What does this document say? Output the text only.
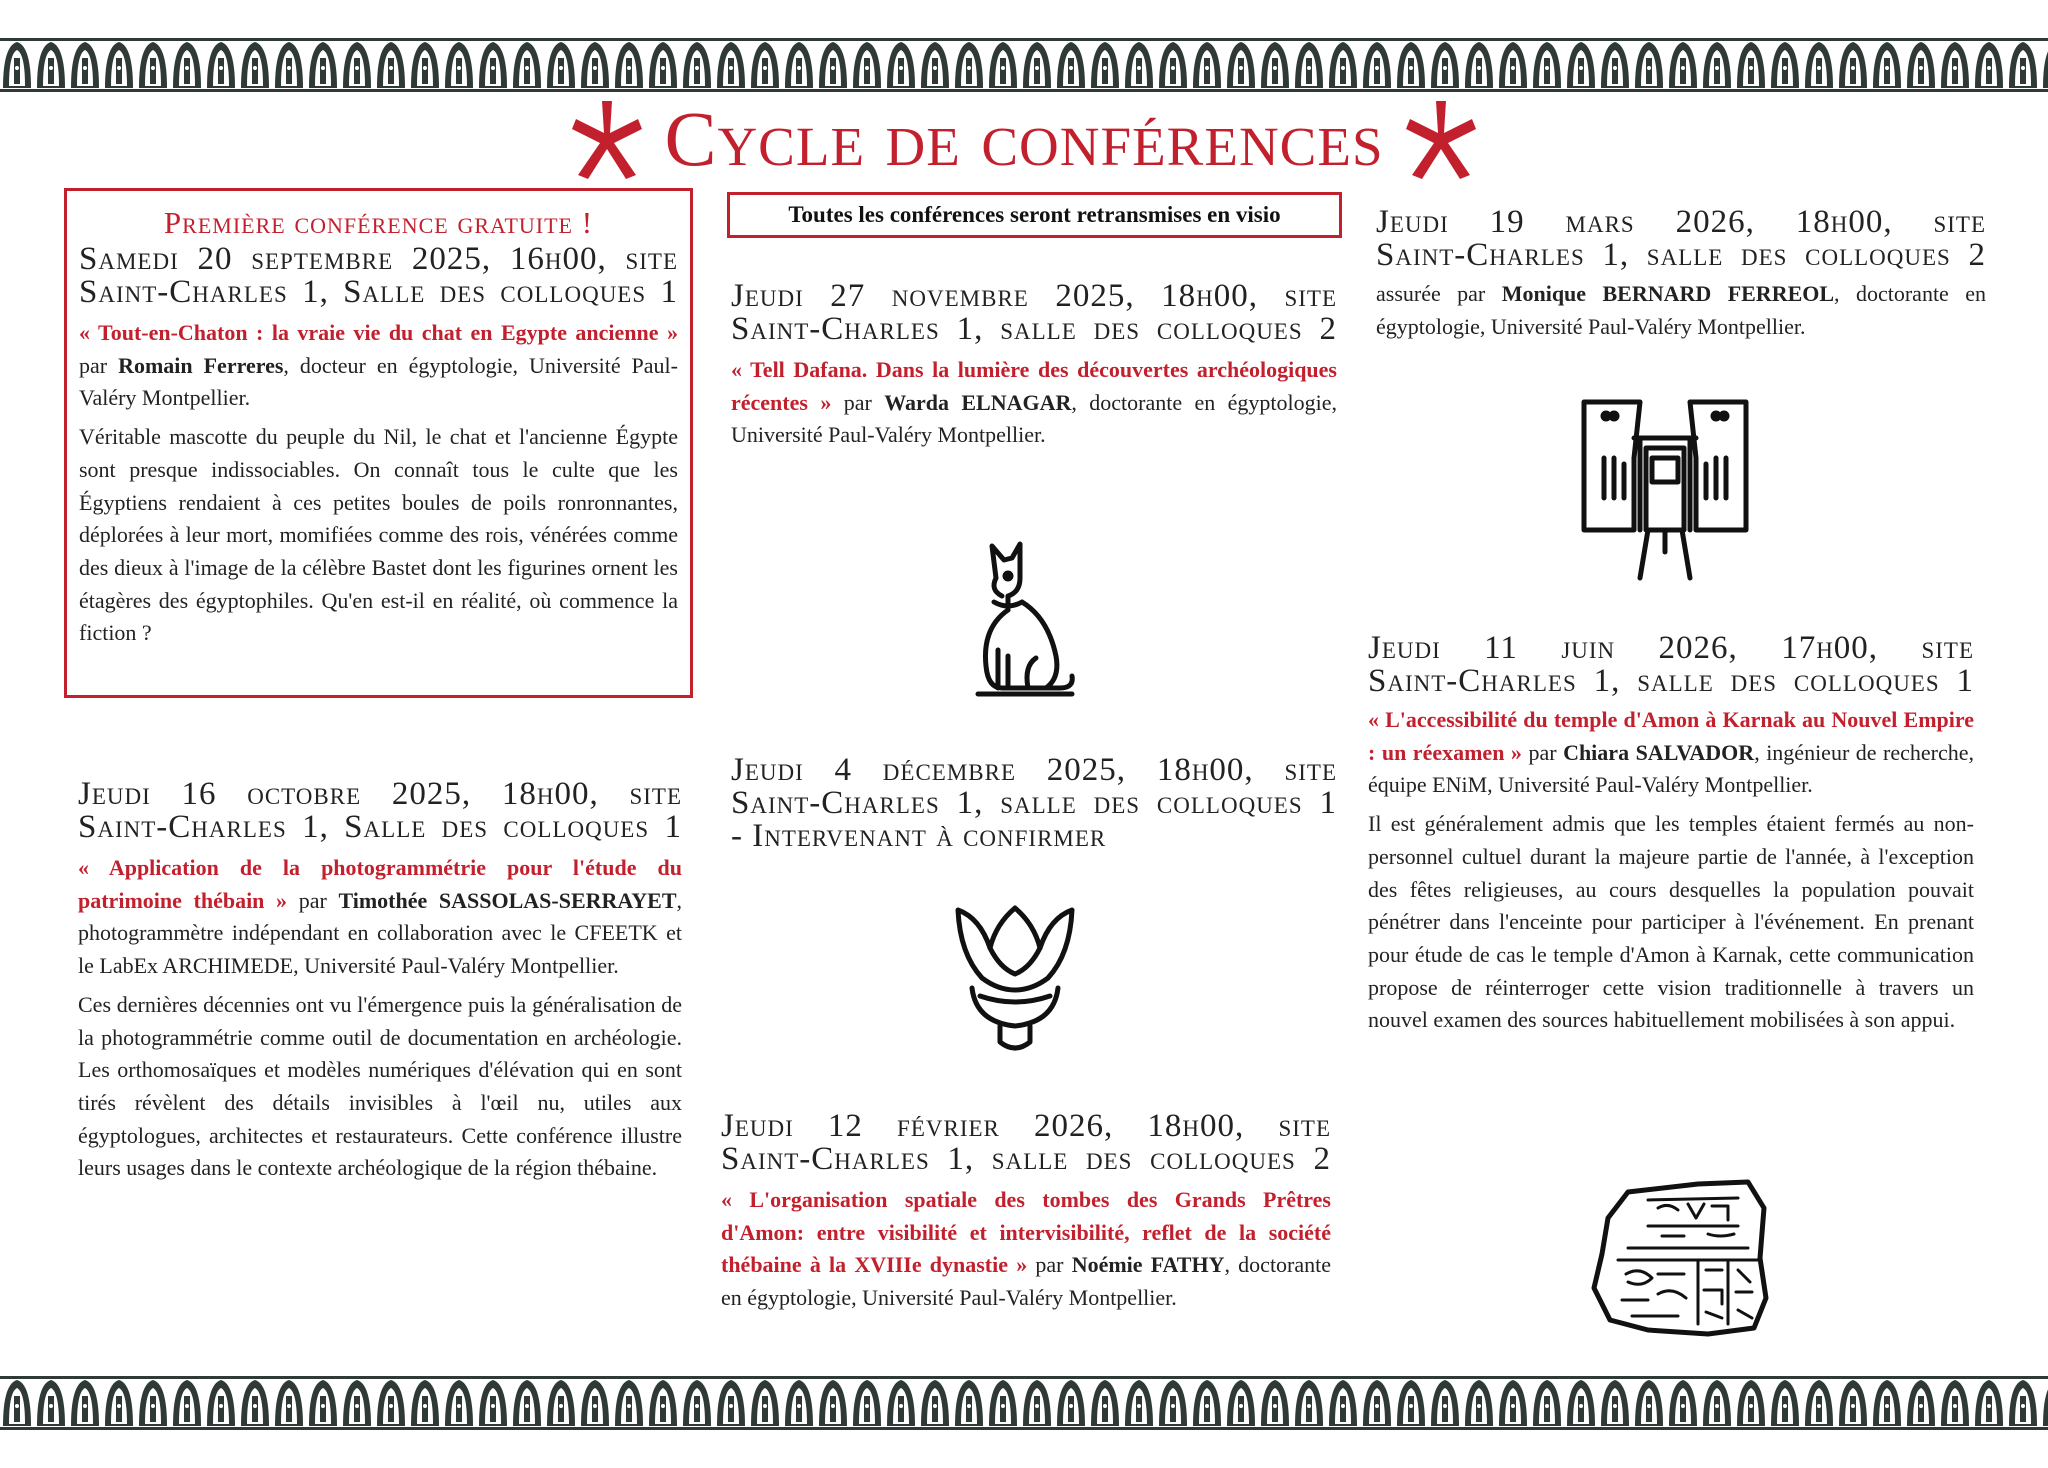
Cycle de conférences
Première conférence gratuite !

Samedi 20 septembre 2025, 16h00, site

Saint-Charles 1, Salle des colloques 1

« Tout-en-Chaton : la vraie vie du chat en Egypte ancienne » par Romain Ferreres, docteur en égyptologie, Université Paul-Valéry Montpellier.

Véritable mascotte du peuple du Nil, le chat et l'ancienne Égypte sont presque indissociables. On connaît tous le culte que les Égyptiens rendaient à ces petites boules de poils ronronnantes, déplorées à leur mort, momifiées comme des rois, vénérées comme des dieux à l'image de la célèbre Bastet dont les figurines ornent les étagères des égyptophiles. Qu'en est-il en réalité, où commence la fiction ?

Jeudi 16 octobre 2025, 18h00, site

Saint-Charles 1, Salle des colloques 1

« Application de la photogrammétrie pour l'étude du patrimoine thébain » par Timothée SASSOLAS-SERRAYET, photogrammètre indépendant en collaboration avec le CFEETK et le LabEx ARCHIMEDE, Université Paul-Valéry Montpellier.

Ces dernières décennies ont vu l'émergence puis la généralisation de la photogrammétrie comme outil de documentation en archéologie. Les orthomosaïques et modèles numériques d'élévation qui en sont tirés révèlent des détails invisibles à l'œil nu, utiles aux égyptologues, architectes et restaurateurs. Cette conférence illustre leurs usages dans le contexte archéologique de la région thébaine.

Toutes les conférences seront retransmises en visio

Jeudi 27 novembre 2025, 18h00, site

Saint-Charles 1, salle des colloques 2

« Tell Dafana. Dans la lumière des découvertes archéologiques récentes » par Warda ELNAGAR, doctorante en égyptologie, Université Paul-Valéry Montpellier.

Jeudi 4 décembre 2025, 18h00, site

Saint-Charles 1, salle des colloques 1

- Intervenant à confirmer

Jeudi 12 février 2026, 18h00, site

Saint-Charles 1, salle des colloques 2

« L'organisation spatiale des tombes des Grands Prêtres d'Amon: entre visibilité et intervisibilité, reflet de la société thébaine à la XVIIIe dynastie » par Noémie FATHY, doctorante en égyptologie, Université Paul-Valéry Montpellier.

Jeudi 19 mars 2026, 18h00, site

Saint-Charles 1, salle des colloques 2

assurée par Monique BERNARD FERREOL, doctorante en égyptologie, Université Paul-Valéry Montpellier.

Jeudi 11 juin 2026, 17h00, site

Saint-Charles 1, salle des colloques 1

« L'accessibilité du temple d'Amon à Karnak au Nouvel Empire : un réexamen » par Chiara SALVADOR, ingénieur de recherche, équipe ENiM, Université Paul-Valéry Montpellier.

Il est généralement admis que les temples étaient fermés au non-personnel cultuel durant la majeure partie de l'année, à l'exception des fêtes religieuses, au cours desquelles la population pouvait pénétrer dans l'enceinte pour participer à l'événement. En prenant pour étude de cas le temple d'Amon à Karnak, cette communication propose de réinterroger cette vision traditionnelle à travers un nouvel examen des sources habituellement mobilisées à son appui.
